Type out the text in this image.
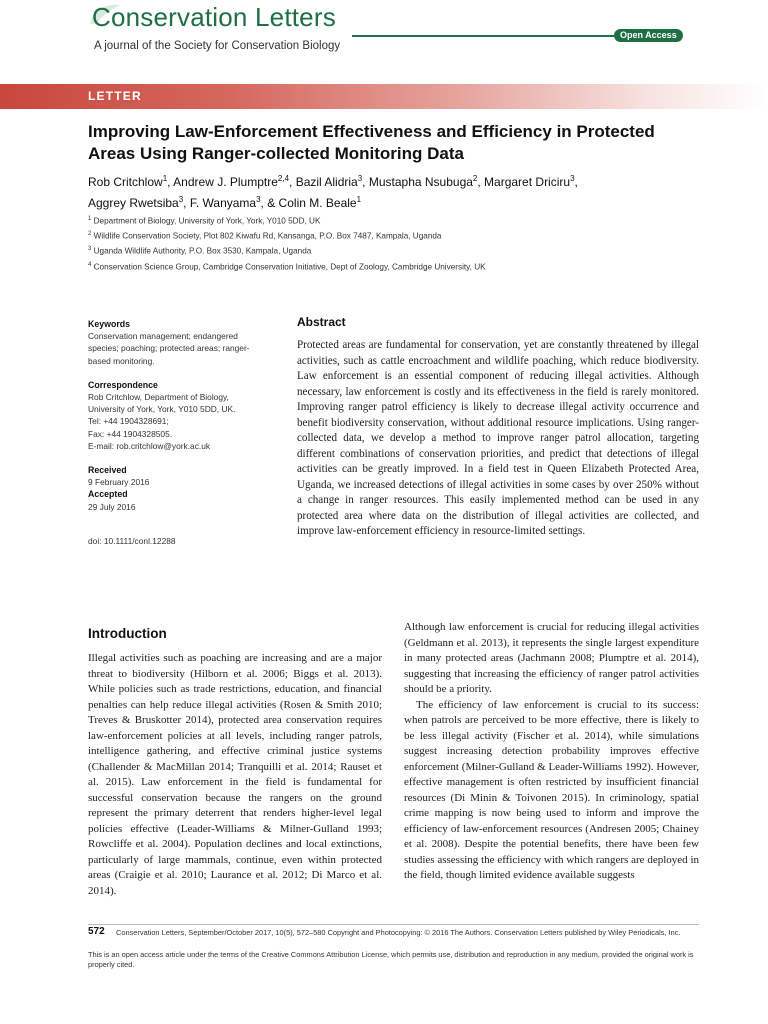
Conservation Letters
A journal of the Society for Conservation Biology
Open Access
LETTER
Improving Law-Enforcement Effectiveness and Efficiency in Protected Areas Using Ranger-collected Monitoring Data
Rob Critchlow$^1$, Andrew J. Plumptre$^{2,4}$, Bazil Alidria$^3$, Mustapha Nsubuga$^2$, Margaret Driciru$^3$,
Aggrey Rwetsiba$^3$, F. Wanyama$^3$, & Colin M. Beale$^1$
$^1$ Department of Biology, University of York, York, Y010 5DD, UK
$^2$ Wildlife Conservation Society, Plot 802 Kiwafu Rd, Kansanga, P.O. Box 7487, Kampala, Uganda
$^3$ Uganda Wildlife Authority, P.O. Box 3530, Kampala, Uganda
$^4$ Conservation Science Group, Cambridge Conservation Initiative, Dept of Zoology, Cambridge University, UK
Keywords
Conservation management; endangered species; poaching; protected areas; ranger-based monitoring.
Correspondence
Rob Critchlow, Department of Biology,
University of York, York, Y010 5DD, UK.
Tel: +44 1904328691;
Fax: +44 1904328505.
E-mail: rob.critchlow@york.ac.uk
Received
9 February 2016
Accepted
29 July 2016
doi: 10.1111/conl.12288
Abstract
Protected areas are fundamental for conservation, yet are constantly threatened by illegal activities, such as cattle encroachment and wildlife poaching, which reduce biodiversity. Law enforcement is an essential component of reducing illegal activities. Although necessary, law enforcement is costly and its effectiveness in the field is rarely monitored. Improving ranger patrol efficiency is likely to decrease illegal activity occurrence and benefit biodiversity conservation, without additional resource implications. Using ranger-collected data, we develop a method to improve ranger patrol allocation, targeting different combinations of conservation priorities, and predict that detections of illegal activities can be greatly improved. In a field test in Queen Elizabeth Protected Area, Uganda, we increased detections of illegal activities in some cases by over 250% without a change in ranger resources. This easily implemented method can be used in any protected area where data on the distribution of illegal activities are collected, and improve law-enforcement efficiency in resource-limited settings.
Introduction
Illegal activities such as poaching are increasing and are a major threat to biodiversity (Hilborn et al. 2006; Biggs et al. 2013). While policies such as trade restrictions, education, and financial penalties can help reduce illegal activities (Rosen & Smith 2010; Treves & Bruskotter 2014), protected area conservation requires law-enforcement policies at all levels, including ranger patrols, intelligence gathering, and effective criminal justice systems (Challender & MacMillan 2014; Tranquilli et al. 2014; Rauset et al. 2015). Law enforcement in the field is fundamental for successful conservation because the rangers on the ground represent the primary deterrent that renders higher-level legal policies effective (Leader-Williams & Milner-Gulland 1993; Rowcliffe et al. 2004). Population declines and local extinctions, particularly of large mammals, continue, even within protected areas (Craigie et al. 2010; Laurance et al. 2012; Di Marco et al. 2014).

Although law enforcement is crucial for reducing illegal activities (Geldmann et al. 2013), it represents the single largest expenditure in many protected areas (Jachmann 2008; Plumptre et al. 2014), suggesting that increasing the efficiency of ranger patrol activities should be a priority.

The efficiency of law enforcement is crucial to its success: when patrols are perceived to be more effective, there is likely to be less illegal activity (Fischer et al. 2014), while simulations suggest increasing detection probability improves effective enforcement (Milner-Gulland & Leader-Williams 1992). However, effective management is often restricted by insufficient financial resources (Di Minin & Toivonen 2015). In criminology, spatial crime mapping is now being used to inform and improve the efficiency of law-enforcement resources (Andresen 2005; Chainey et al. 2008). Despite the potential benefits, there have been few studies assessing the efficiency with which rangers are deployed in the field, though limited evidence available suggests

572 Conservation Letters, September/October 2017, 10(5), 572–580 Copyright and Photocopying: © 2016 The Authors. Conservation Letters published by Wiley Periodicals, Inc.
This is an open access article under the terms of the Creative Commons Attribution License, which permits use, distribution and reproduction in any medium, provided the original work is properly cited.
